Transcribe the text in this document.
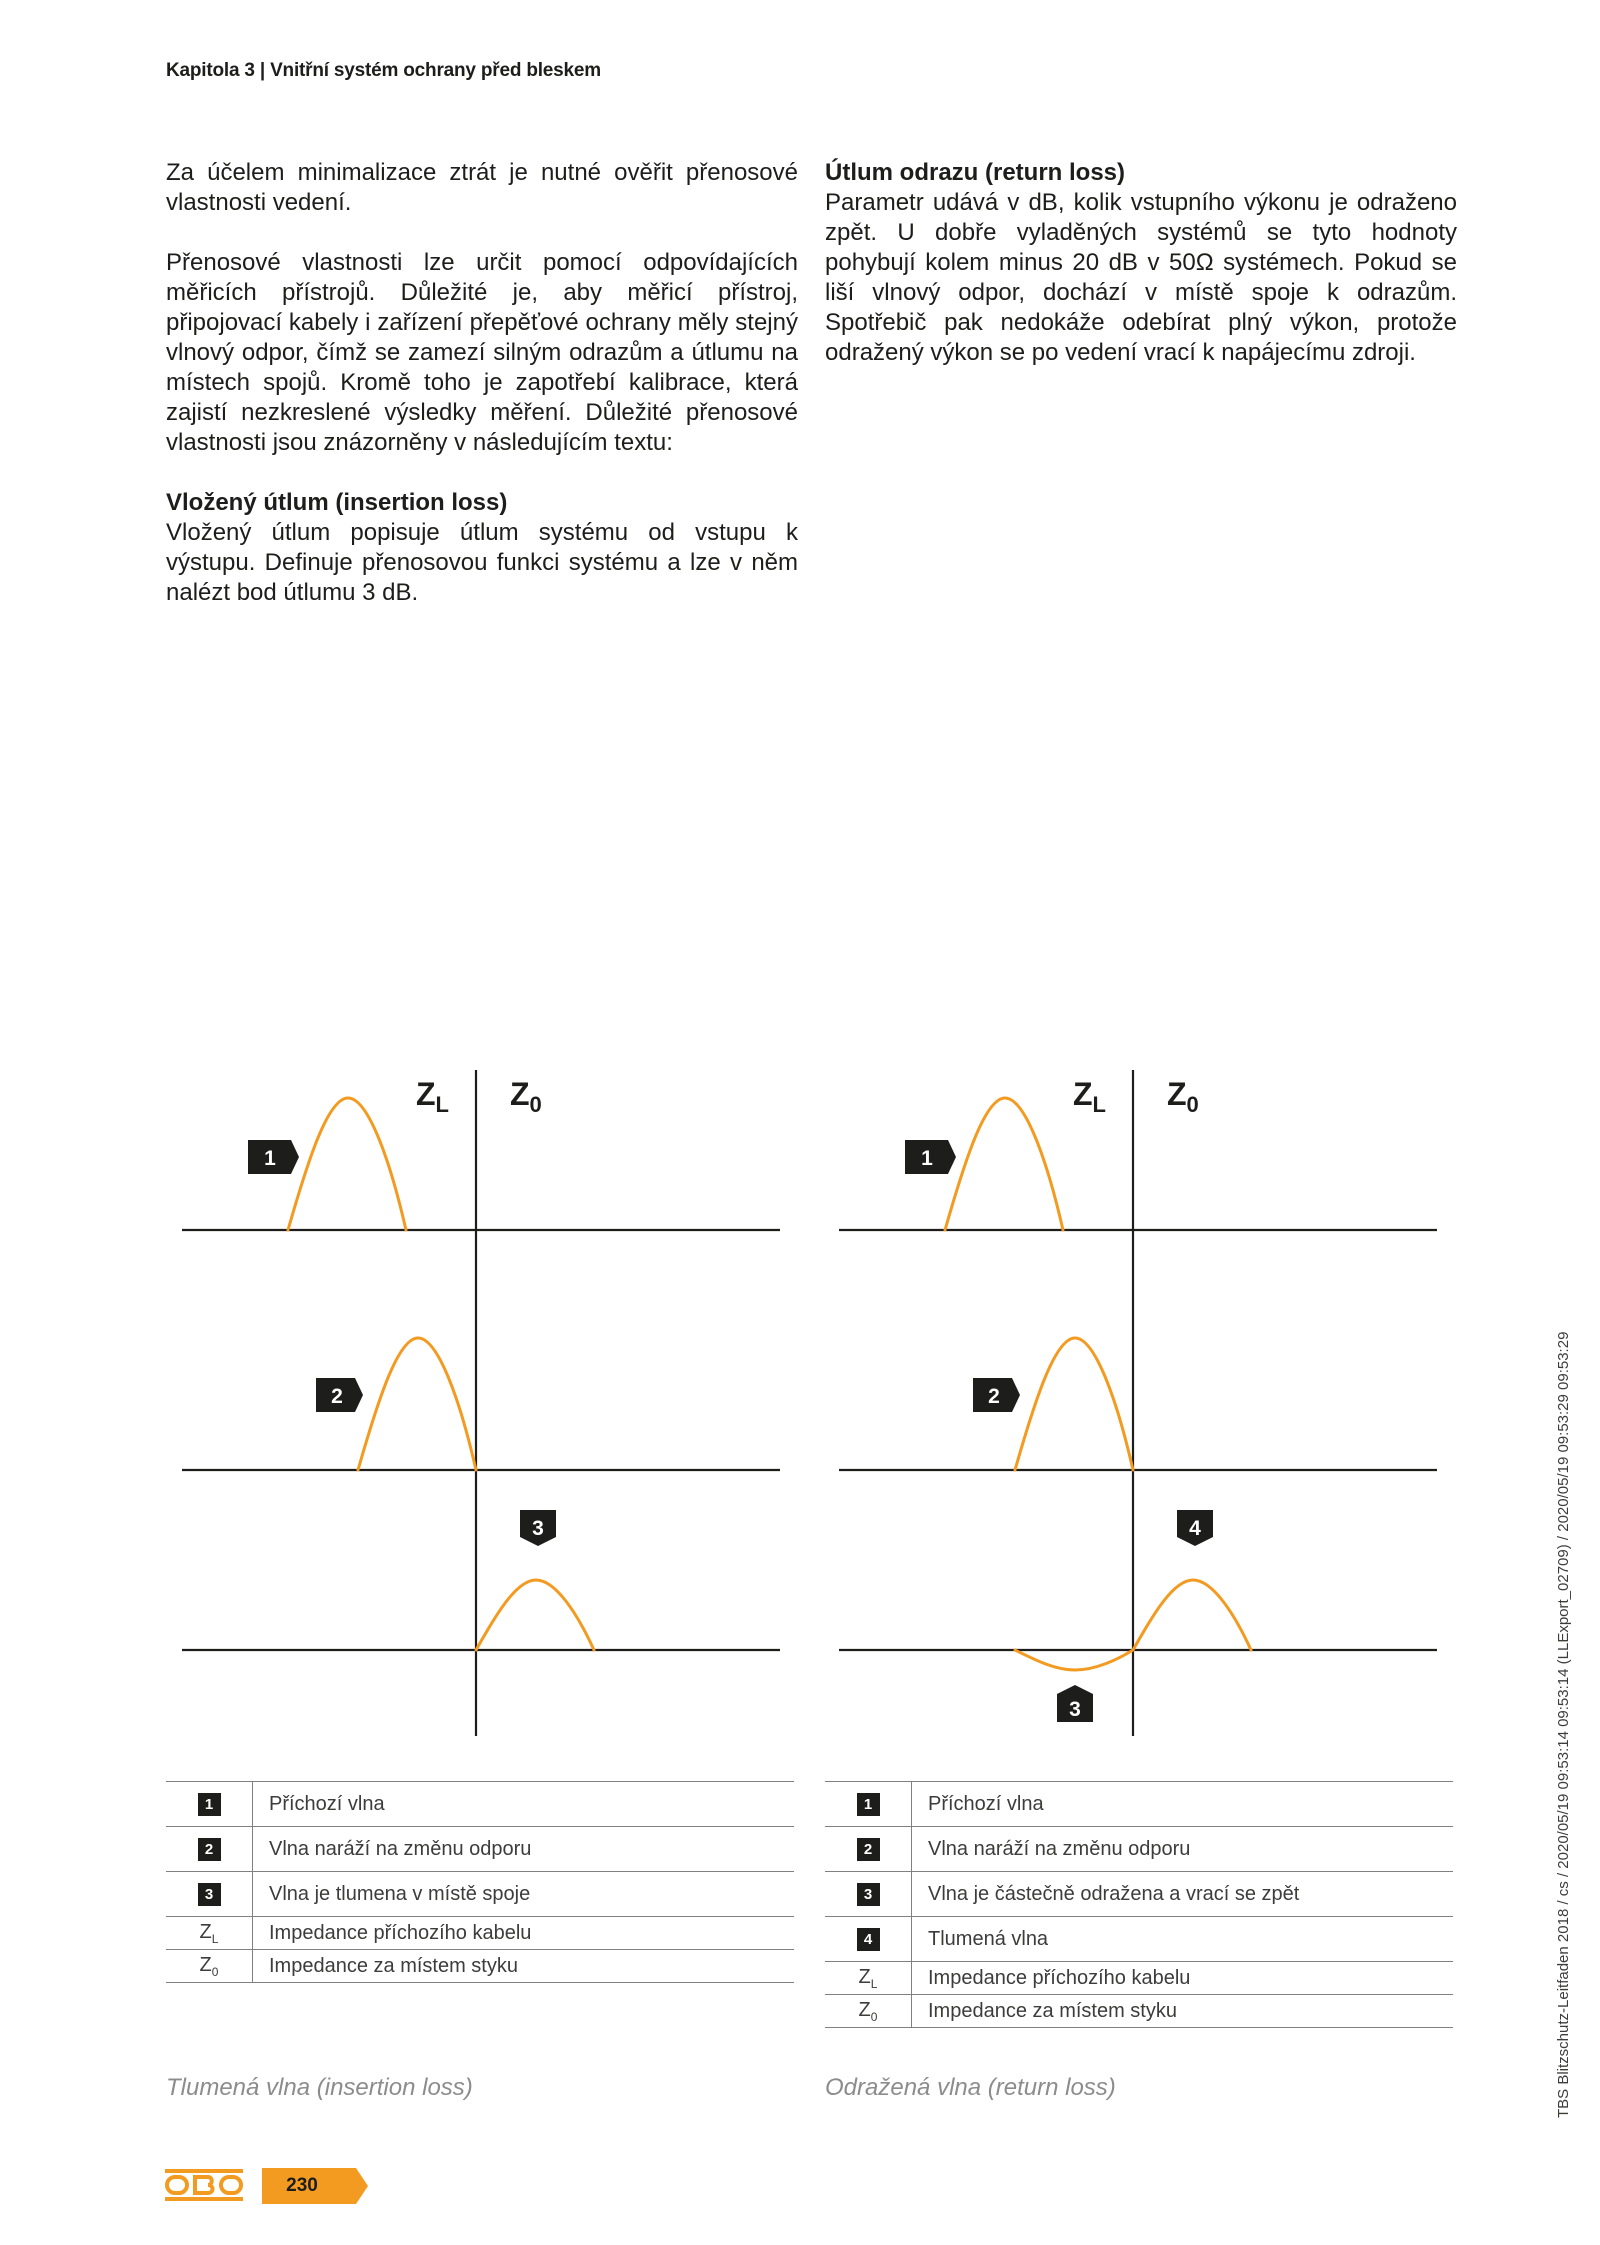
Kapitola 3 | Vnitřní systém ochrany před bleskem

Za účelem minimalizace ztrát je nutné ověřit přenosové vlastnosti vedení.

Přenosové vlastnosti lze určit pomocí odpovídajících měřicích přístrojů. Důležité je, aby měřicí přístroj, připojovací kabely i zařízení přepěťové ochrany měly stejný vlnový odpor, čímž se zamezí silným odrazům a útlumu na místech spojů. Kromě toho je zapotřebí kalibrace, která zajistí nezkreslené výsledky měření. Důležité přenosové vlastnosti jsou znázorněny v následujícím textu:

Vložený útlum (insertion loss)

Vložený útlum popisuje útlum systému od vstupu k výstupu. Definuje přenosovou funkci systému a lze v něm nalézt bod útlumu 3 dB.

Útlum odrazu (return loss)

Parametr udává v dB, kolik vstupního výkonu je odraženo zpět. U dobře vyladěných systémů se tyto hodnoty pohybují kolem minus 20 dB v 50Ω systémech. Pokud se liší vlnový odpor, dochází v místě spoje k odrazům. Spotřebič pak nedokáže odebírat plný výkon, protože odražený výkon se po vedení vrací k napájecímu zdroji.

$Z_L$ $Z_0$
1
2
3
$Z_L$ $Z_0$
1
2
4
3
1	Příchozí vlna
2	Vlna naráží na změnu odporu
3	Vlna je tlumena v místě spoje
$Z_L$	Impedance příchozího kabelu
$Z_0$	Impedance za místem styku
1	Příchozí vlna
2	Vlna naráží na změnu odporu
3	Vlna je částečně odražena a vrací se zpět
4	Tlumená vlna
$Z_L$	Impedance příchozího kabelu
$Z_0$	Impedance za místem styku
Tlumená vlna (insertion loss)	Odražená vlna (return loss)	TBS Blitzschutz-Leitfaden 2018 / cs / 2020/05/19 09:53:14 09:53:14 (LLExport_02709) / 2020/05/19 09:53:29 09:53:29
230
